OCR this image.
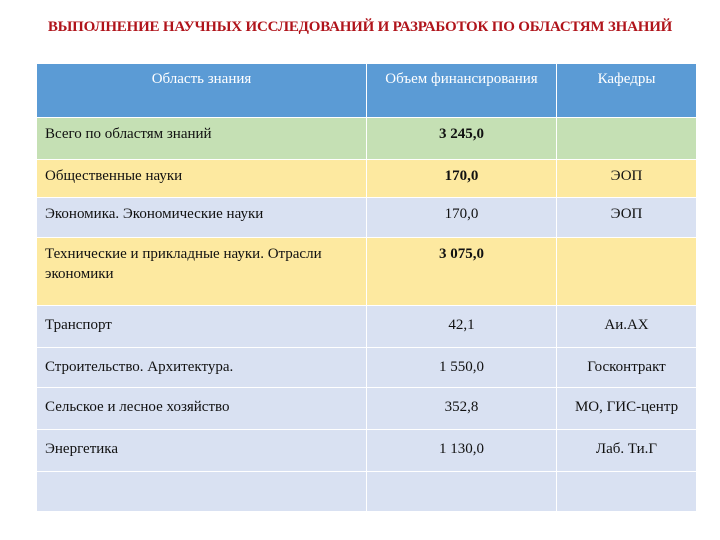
ВЫПОЛНЕНИЕ НАУЧНЫХ ИССЛЕДОВАНИЙ И РАЗРАБОТОК ПО ОБЛАСТЯМ ЗНАНИЙ
Область знания	Объем финансирования	Кафедры
Всего по областям знаний	3 245,0	
Общественные науки	170,0	ЭОП
Экономика. Экономические науки	170,0	ЭОП
Технические и прикладные науки. Отрасли экономики	3 075,0	
Транспорт	42,1	Аи.АХ
Строительство. Архитектура.	1 550,0	Госконтракт
Сельское и лесное хозяйство	352,8	МО, ГИС-центр
Энергетика	1 130,0	Лаб. Ти.Г
